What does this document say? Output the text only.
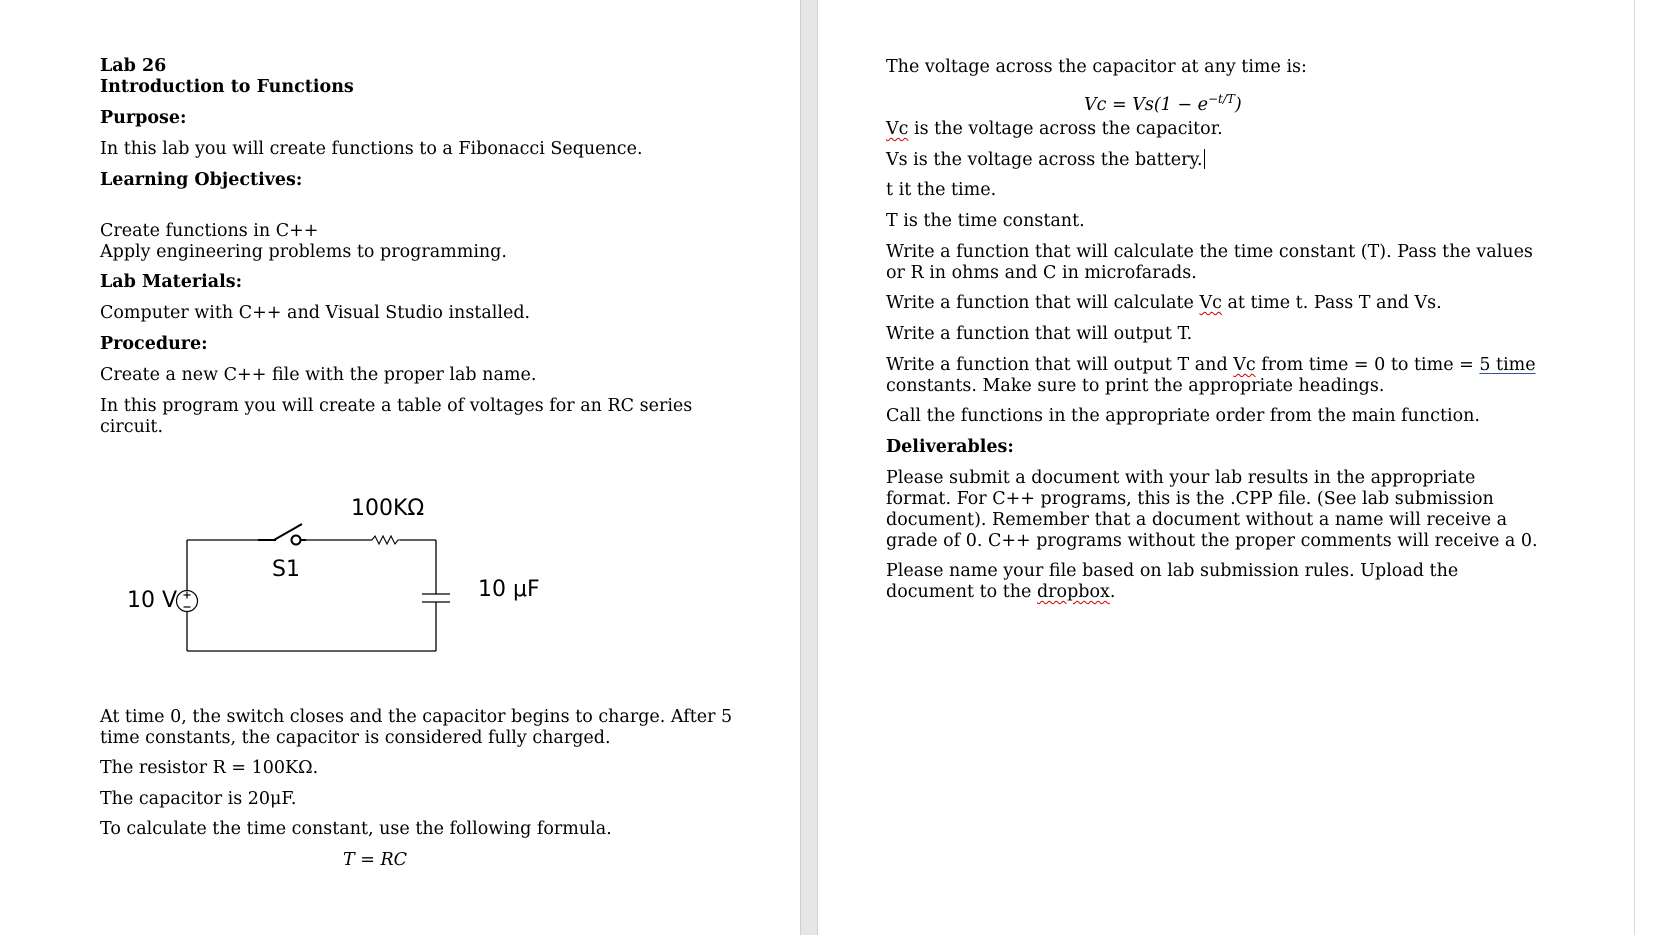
Lab 26
Introduction to Functions
Purpose:
In this lab you will create functions to a Fibonacci Sequence.
Learning Objectives:
Create functions in C++
Apply engineering problems to programming.
Lab Materials:
Computer with C++ and Visual Studio installed.
Procedure:
Create a new C++ file with the proper lab name.
In this program you will create a table of voltages for an RC series
circuit.
100KΩ
S1
10 V	10 μF
At time 0, the switch closes and the capacitor begins to charge. After 5
time constants, the capacitor is considered fully charged.
The resistor R = 100KΩ.
The capacitor is 20μF.
To calculate the time constant, use the following formula.
T = RC
The voltage across the capacitor at any time is:
$Vc = Vs(1 - e^{-t/T})$
Vc is the voltage across the capacitor.
Vs is the voltage across the battery.
t it the time.
T is the time constant.
Write a function that will calculate the time constant (T). Pass the values
or R in ohms and C in microfarads.
Write a function that will calculate Vc at time t. Pass T and Vs.
Write a function that will output T.
Write a function that will output T and Vc from time = 0 to time = 5 time
constants. Make sure to print the appropriate headings.
Call the functions in the appropriate order from the main function.
Deliverables:
Please submit a document with your lab results in the appropriate
format. For C++ programs, this is the .CPP file. (See lab submission
document). Remember that a document without a name will receive a
grade of 0. C++ programs without the proper comments will receive a 0.
Please name your file based on lab submission rules. Upload the
document to the dropbox.
